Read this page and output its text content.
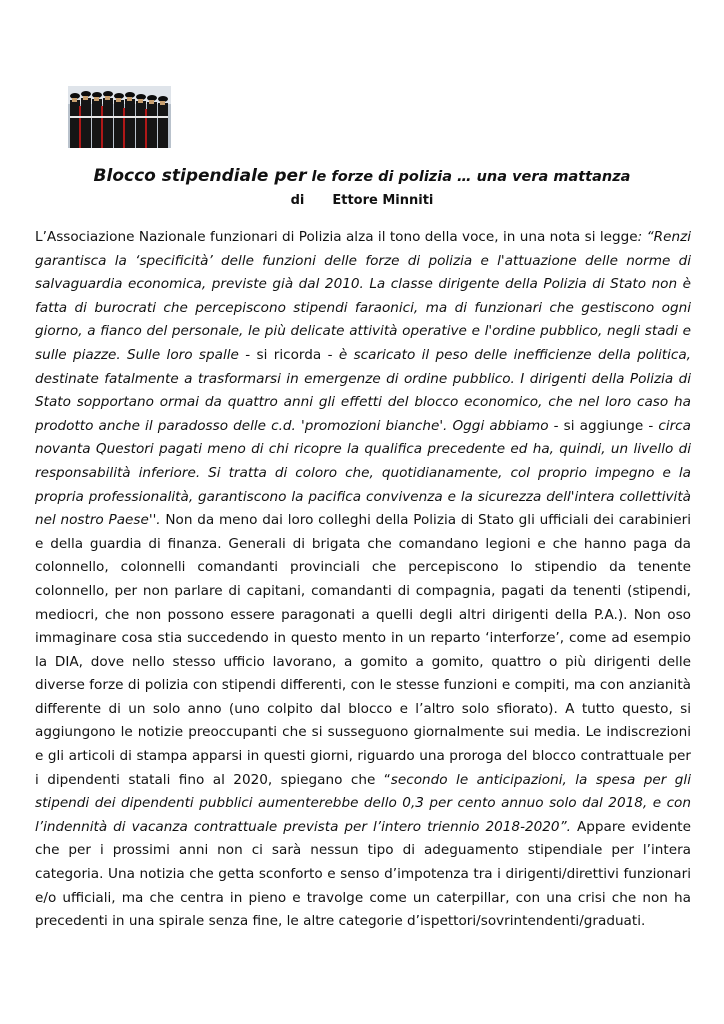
Blocco stipendiale per le forze di polizia … una vera mattanza
di Ettore Minniti
L’Associazione Nazionale funzionari di Polizia alza il tono della voce, in una nota si legge: “Renzi garantisca la ‘specificità’ delle funzioni delle forze di polizia e l'attuazione delle norme di salvaguardia economica, previste già dal 2010. La classe dirigente della Polizia di Stato non è fatta di burocrati che percepiscono stipendi faraonici, ma di funzionari che gestiscono ogni giorno, a fianco del personale, le più delicate attività operative e l'ordine pubblico, negli stadi e sulle piazze. Sulle loro spalle - si ricorda - è scaricato il peso delle inefficienze della politica, destinate fatalmente a trasformarsi in emergenze di ordine pubblico. I dirigenti della Polizia di Stato sopportano ormai da quattro anni gli effetti del blocco economico, che nel loro caso ha prodotto anche il paradosso delle c.d. 'promozioni bianche'. Oggi abbiamo - si aggiunge - circa novanta Questori pagati meno di chi ricopre la qualifica precedente ed ha, quindi, un livello di responsabilità inferiore. Si tratta di coloro che, quotidianamente, col proprio impegno e la propria professionalità, garantiscono la pacifica convivenza e la sicurezza dell'intera collettività nel nostro Paese''. Non da meno dai loro colleghi della Polizia di Stato gli ufficiali dei carabinieri e della guardia di finanza. Generali di brigata che comandano legioni e che hanno paga da colonnello, colonnelli comandanti provinciali che percepiscono lo stipendio da tenente colonnello, per non parlare di capitani, comandanti di compagnia, pagati da tenenti (stipendi, mediocri, che non possono essere paragonati a quelli degli altri dirigenti della P.A.). Non oso immaginare cosa stia succedendo in questo mento in un reparto ‘interforze’, come ad esempio la DIA, dove nello stesso ufficio lavorano, a gomito a gomito, quattro o più dirigenti delle diverse forze di polizia con stipendi differenti, con le stesse funzioni e compiti, ma con anzianità differente di un solo anno (uno colpito dal blocco e l’altro solo sfiorato). A tutto questo, si aggiungono le notizie preoccupanti che si susseguono giornalmente sui media. Le indiscrezioni e gli articoli di stampa apparsi in questi giorni, riguardo una proroga del blocco contrattuale per i dipendenti statali fino al 2020, spiegano che “secondo le anticipazioni, la spesa per gli stipendi dei dipendenti pubblici aumenterebbe dello 0,3 per cento annuo solo dal 2018, e con l’indennità di vacanza contrattuale prevista per l’intero triennio 2018-2020”. Appare evidente che per i prossimi anni non ci sarà nessun tipo di adeguamento stipendiale per l’intera categoria. Una notizia che getta sconforto e senso d’impotenza tra i dirigenti/direttivi funzionari e/o ufficiali, ma che centra in pieno e travolge come un caterpillar, con una crisi che non ha precedenti in una spirale senza fine, le altre categorie d’ispettori/sovrintendenti/graduati.
